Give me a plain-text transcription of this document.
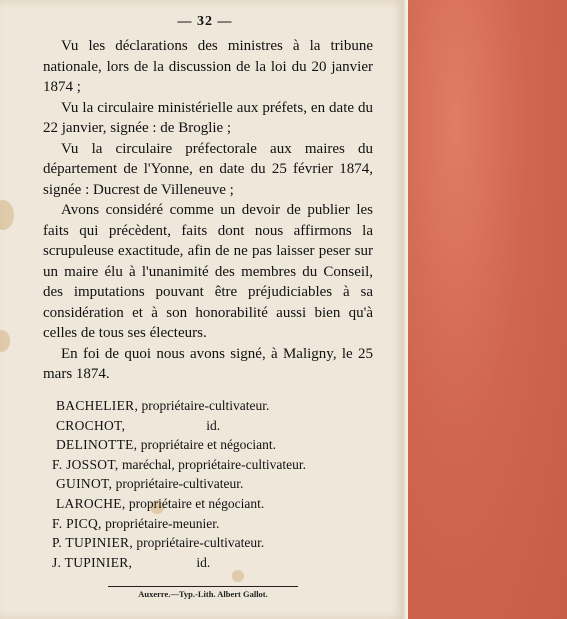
— 32 —

Vu les déclarations des ministres à la tribune nationale, lors de la discussion de la loi du 20 janvier 1874 ;

Vu la circulaire ministérielle aux préfets, en date du 22 janvier, signée : de Broglie ;

Vu la circulaire préfectorale aux maires du département de l'Yonne, en date du 25 février 1874, signée : Ducrest de Villeneuve ;

Avons considéré comme un devoir de publier les faits qui précèdent, faits dont nous affirmons la scrupuleuse exactitude, afin de ne pas laisser peser sur un maire élu à l'unanimité des membres du Conseil, des imputations pouvant être préjudiciables à sa considération et à son honorabilité aussi bien qu'à celles de tous ses électeurs.

En foi de quoi nous avons signé, à Maligny, le 25 mars 1874.

BACHELIER, propriétaire-cultivateur.
CROCHOT,                        id.
DELINOTTE, propriétaire et négociant.
F. JOSSOT, maréchal, propriétaire-cultivateur.
GUINOT, propriétaire-cultivateur.
LAROCHE, propriétaire et négociant.
F. PICQ, propriétaire-meunier.
P. TUPINIER, propriétaire-cultivateur.
J. TUPINIER,                   id.
Auxerre.—Typ.-Lith. Albert Gallot.
